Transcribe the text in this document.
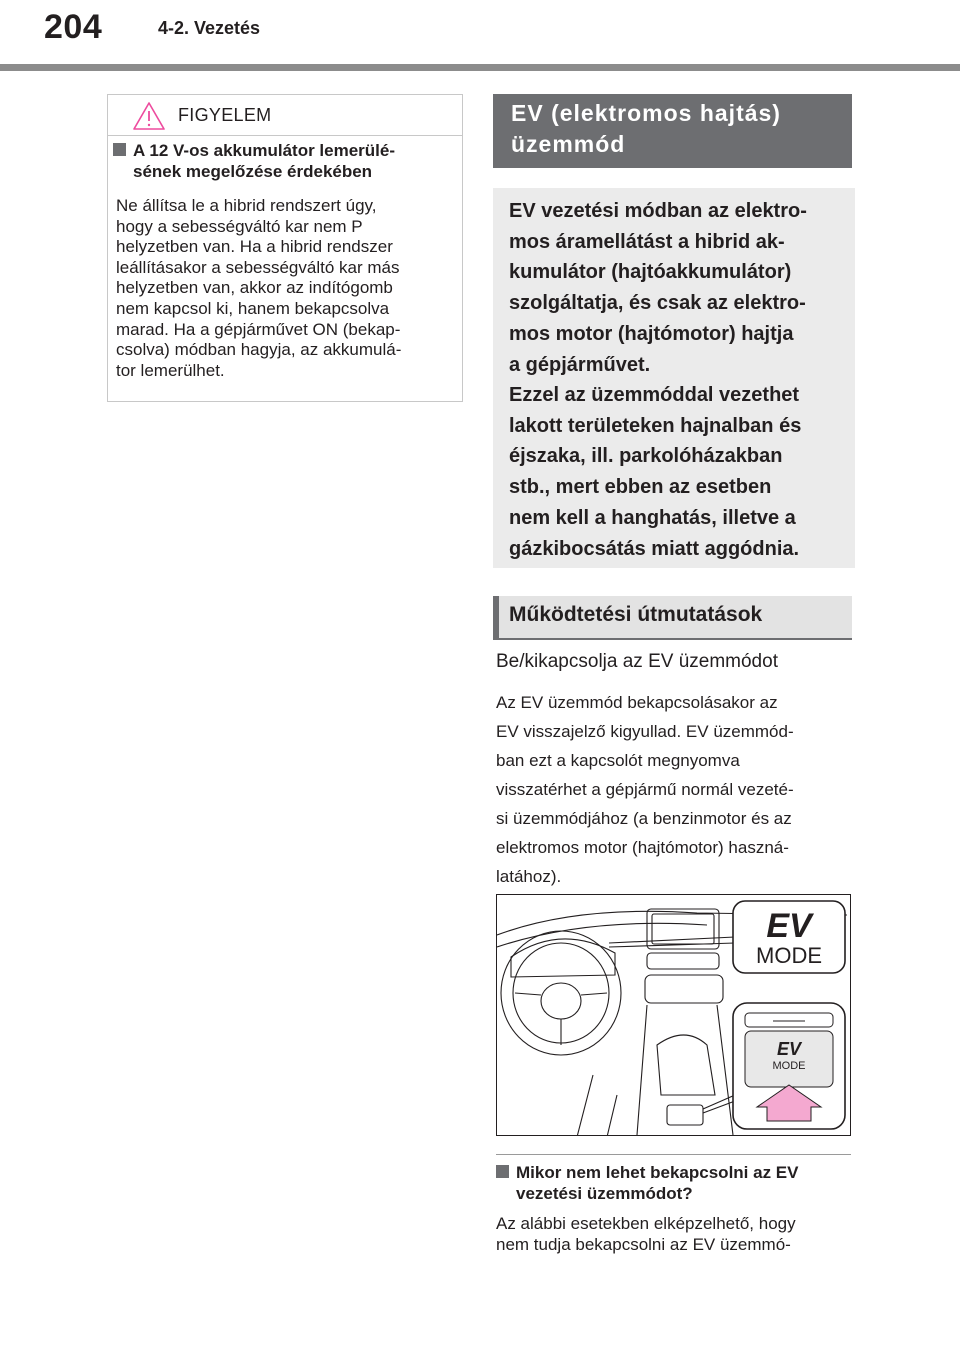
204	4-2. Vezetés
FIGYELEM
A 12 V-os akkumulátor lemerülé-
sének megelőzése érdekében
Ne állítsa le a hibrid rendszert úgy,
hogy a sebességváltó kar nem P
helyzetben van. Ha a hibrid rendszer
leállításakor a sebességváltó kar más
helyzetben van, akkor az indítógomb
nem kapcsol ki, hanem bekapcsolva
marad. Ha a gépjárművet ON (bekap-
csolva) módban hagyja, az akkumulá-
tor lemerülhet.
EV (elektromos hajtás)
üzemmód

EV vezetési módban az elektro-
mos áramellátást a hibrid ak-
kumulátor (hajtóakkumulátor)
szolgáltatja, és csak az elektro-
mos motor (hajtómotor) hajtja
a gépjárművet.

Ezzel az üzemmóddal vezethet
lakott területeken hajnalban és
éjszaka, ill. parkolóházakban
stb., mert ebben az esetben
nem kell a hanghatás, illetve a
gázkibocsátás miatt aggódnia.

Működtetési útmutatások
Be/kikapcsolja az EV üzemmódot
Az EV üzemmód bekapcsolásakor az
EV visszajelző kigyullad. EV üzemmód-
ban ezt a kapcsolót megnyomva
visszatérhet a gépjármű normál vezeté-
si üzemmódjához (a benzinmotor és az
elektromos motor (hajtómotor) haszná-
latához).
EV
MODE
EV
MODE
Mikor nem lehet bekapcsolni az EV
vezetési üzemmódot?
Az alábbi esetekben elképzelhető, hogy
nem tudja bekapcsolni az EV üzemmó-
